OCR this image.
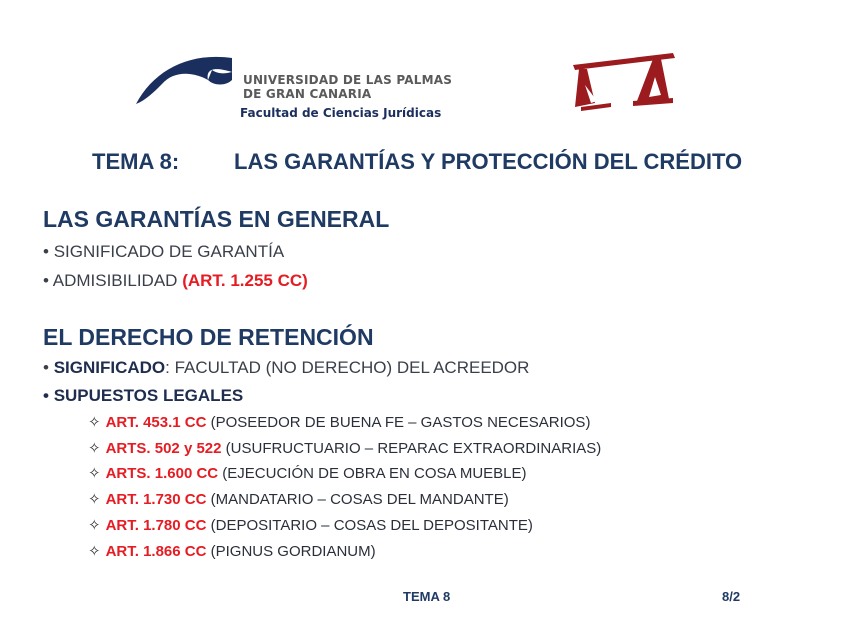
UNIVERSIDAD DE LAS PALMAS
DE GRAN CANARIA
Facultad de Ciencias Jurídicas
TEMA 8: LAS GARANTÍAS Y PROTECCIÓN DEL CRÉDITO
LAS GARANTÍAS EN GENERAL
• SIGNIFICADO DE GARANTÍA
• ADMISIBILIDAD (ART. 1.255 CC)
EL DERECHO DE RETENCIÓN
• SIGNIFICADO: FACULTAD (NO DERECHO) DEL ACREEDOR
• SUPUESTOS LEGALES
✧ ART. 453.1 CC (POSEEDOR DE BUENA FE – GASTOS NECESARIOS)
✧ ARTS. 502 y 522 (USUFRUCTUARIO – REPARAC EXTRAORDINARIAS)
✧ ARTS. 1.600 CC (EJECUCIÓN DE OBRA EN COSA MUEBLE)
✧ ART. 1.730 CC (MANDATARIO – COSAS DEL MANDANTE)
✧ ART. 1.780 CC (DEPOSITARIO – COSAS DEL DEPOSITANTE)
✧ ART. 1.866 CC (PIGNUS GORDIANUM)
TEMA 8	8/2
